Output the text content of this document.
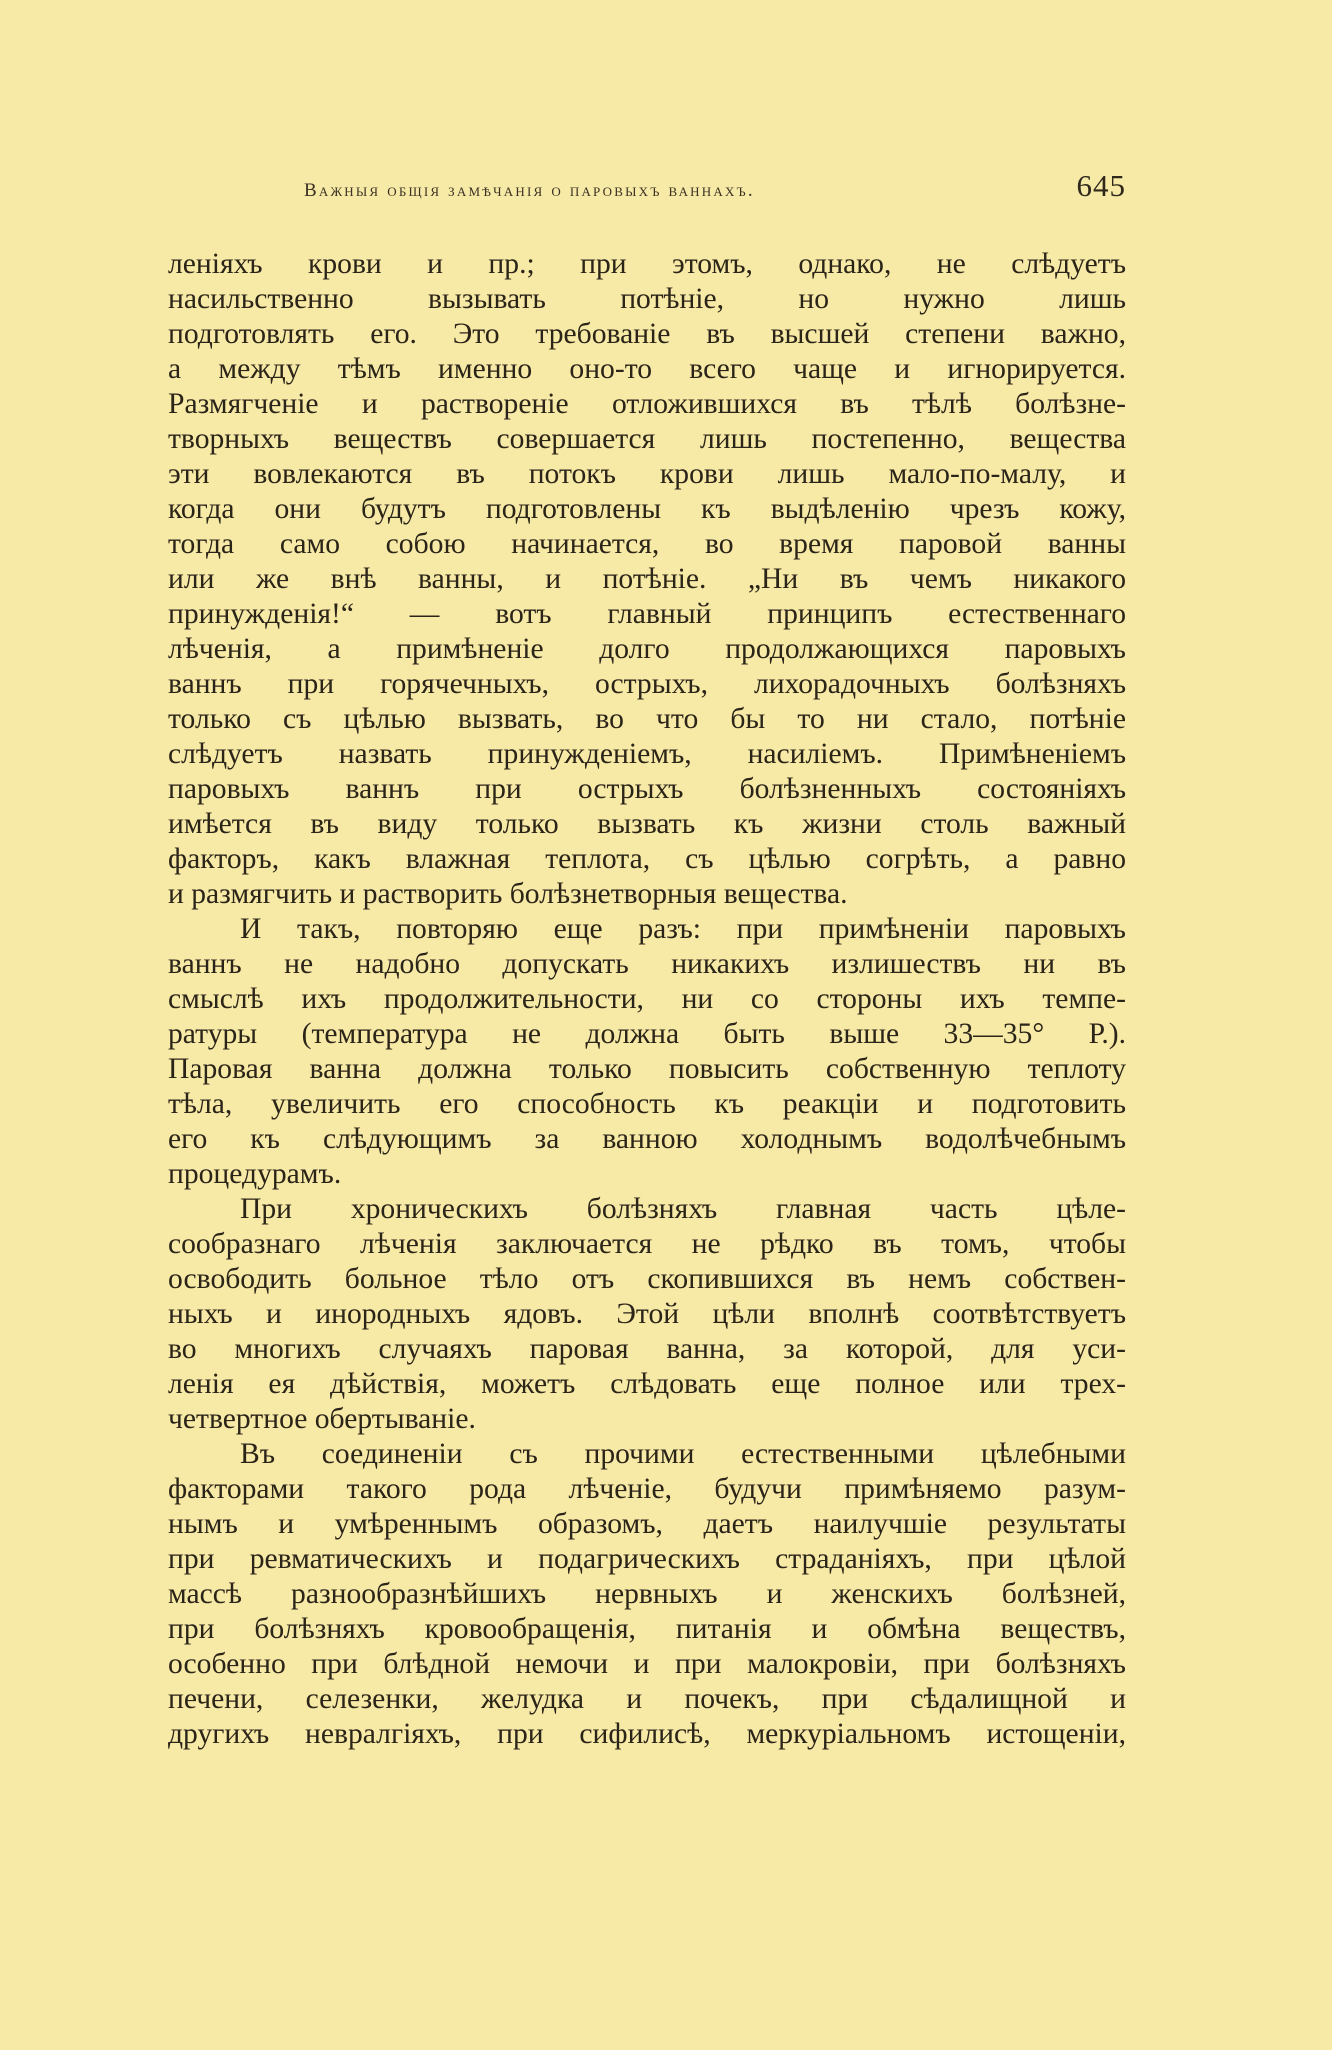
Важныя общія замѣчанія о паровыхъ ваннахъ.	645
леніяхъ крови и пр.; при этомъ, однако, не слѣдуетъ
насильственно вызывать потѣніе, но нужно лишь
подготовлять его. Это требованіе въ высшей степени важно,
а между тѣмъ именно оно-то всего чаще и игнорируется.
Размягченіе и раствореніе отложившихся въ тѣлѣ болѣзне-
творныхъ веществъ совершается лишь постепенно, вещества
эти вовлекаются въ потокъ крови лишь мало-по-малу, и
когда они будутъ подготовлены къ выдѣленію чрезъ кожу,
тогда само собою начинается, во время паровой ванны
или же внѣ ванны, и потѣніе. „Ни въ чемъ никакого
принужденія!“ — вотъ главный принципъ естественнаго
лѣченія, а примѣненіе долго продолжающихся паровыхъ
ваннъ при горячечныхъ, острыхъ, лихорадочныхъ болѣзняхъ
только съ цѣлью вызвать, во что бы то ни стало, потѣніе
слѣдуетъ назвать принужденіемъ, насиліемъ. Примѣненіемъ
паровыхъ ваннъ при острыхъ болѣзненныхъ состояніяхъ
имѣется въ виду только вызвать къ жизни столь важный
факторъ, какъ влажная теплота, съ цѣлью согрѣть, а равно
и размягчить и растворить болѣзнетворныя вещества.
И такъ, повторяю еще разъ: при примѣненіи паровыхъ
ваннъ не надобно допускать никакихъ излишествъ ни въ
смыслѣ ихъ продолжительности, ни со стороны ихъ темпе-
ратуры (температура не должна быть выше 33—35° Р.).
Паровая ванна должна только повысить собственную теплоту
тѣла, увеличить его способность къ реакціи и подготовить
его къ слѣдующимъ за ванною холоднымъ водолѣчебнымъ
процедурамъ.
При хроническихъ болѣзняхъ главная часть цѣле-
сообразнаго лѣченія заключается не рѣдко въ томъ, чтобы
освободить больное тѣло отъ скопившихся въ немъ собствен-
ныхъ и инородныхъ ядовъ. Этой цѣли вполнѣ соотвѣтствуетъ
во многихъ случаяхъ паровая ванна, за которой, для уси-
ленія ея дѣйствія, можетъ слѣдовать еще полное или трех-
четвертное обертываніе.
Въ соединеніи съ прочими естественными цѣлебными
факторами такого рода лѣченіе, будучи примѣняемо разум-
нымъ и умѣреннымъ образомъ, даетъ наилучшіе результаты
при ревматическихъ и подагрическихъ страданіяхъ, при цѣлой
массѣ разнообразнѣйшихъ нервныхъ и женскихъ болѣзней,
при болѣзняхъ кровообращенія, питанія и обмѣна веществъ,
особенно при блѣдной немочи и при малокровіи, при болѣзняхъ
печени, селезенки, желудка и почекъ, при сѣдалищной и
другихъ невралгіяхъ, при сифилисѣ, меркуріальномъ истощеніи,
